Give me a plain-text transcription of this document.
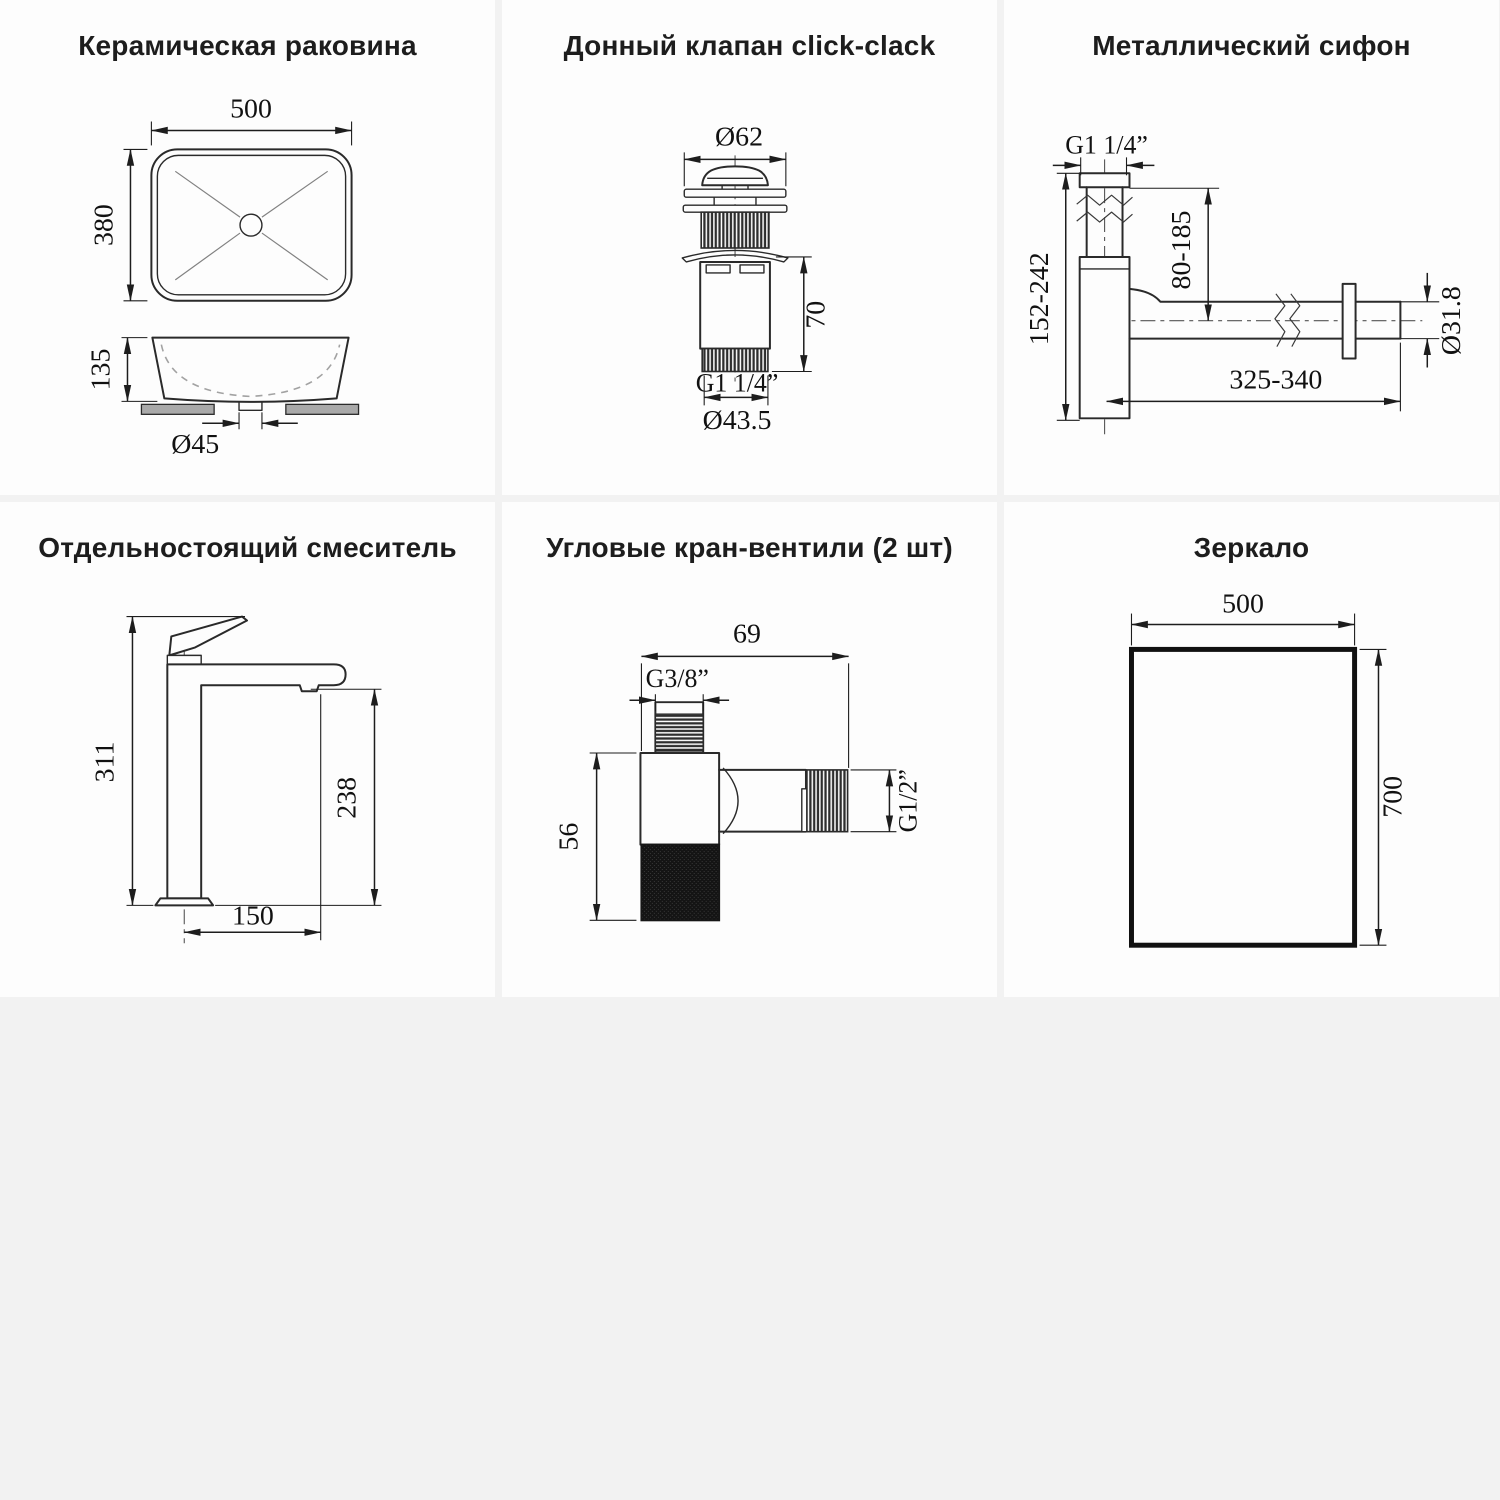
Керамическая раковина
500
380
135
Ø45
Донный клапан click-clack
Ø62
70
G1 1/4”
Ø43.5
Металлический сифон
G1 1/4”
152-242
80-185
Ø31.8
325-340
Отдельностоящий смеситель
311
238
150
Угловые кран-вентили (2 шт)
69
G3/8”
56
G1/2”
Зеркало
500
700
